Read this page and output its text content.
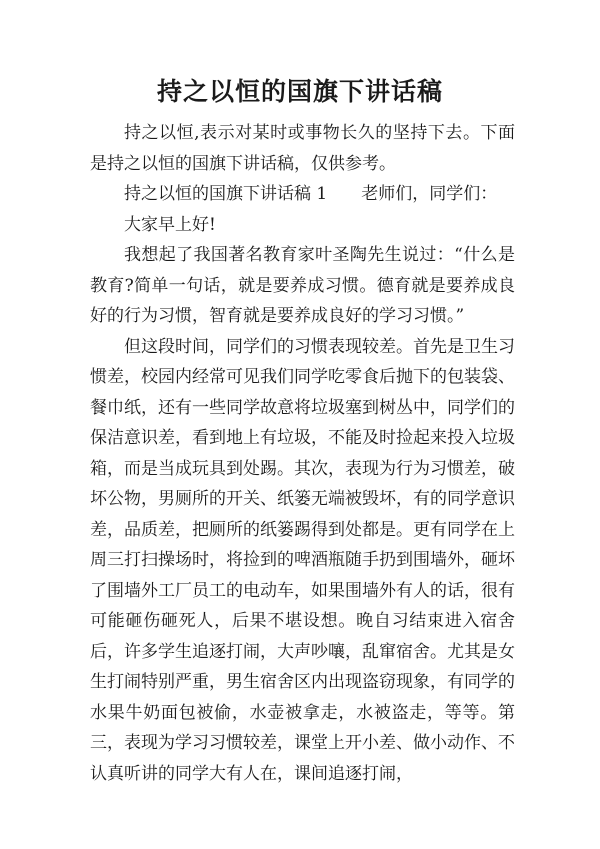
持之以恒的国旗下讲话稿

持之以恒,表示对某时或事物长久的坚持下去。下面是持之以恒的国旗下讲话稿，仅供参考。

持之以恒的国旗下讲话稿 1　　老师们，同学们：

大家早上好!

我想起了我国著名教育家叶圣陶先生说过：“什么是教育?简单一句话，就是要养成习惯。德育就是要养成良好的行为习惯，智育就是要养成良好的学习习惯。”

但这段时间，同学们的习惯表现较差。首先是卫生习惯差，校园内经常可见我们同学吃零食后抛下的包装袋、餐巾纸，还有一些同学故意将垃圾塞到树丛中，同学们的保洁意识差，看到地上有垃圾，不能及时捡起来投入垃圾箱，而是当成玩具到处踢。其次，表现为行为习惯差，破坏公物，男厕所的开关、纸篓无端被毁坏，有的同学意识差，品质差，把厕所的纸篓踢得到处都是。更有同学在上周三打扫操场时，将捡到的啤酒瓶随手扔到围墙外，砸坏了围墙外工厂员工的电动车，如果围墙外有人的话，很有可能砸伤砸死人，后果不堪设想。晚自习结束进入宿舍后，许多学生追逐打闹，大声吵嚷，乱窜宿舍。尤其是女生打闹特别严重，男生宿舍区内出现盗窃现象，有同学的水果牛奶面包被偷，水壶被拿走，水被盗走，等等。第三，表现为学习习惯较差，课堂上开小差、做小动作、不认真听讲的同学大有人在，课间追逐打闹，
